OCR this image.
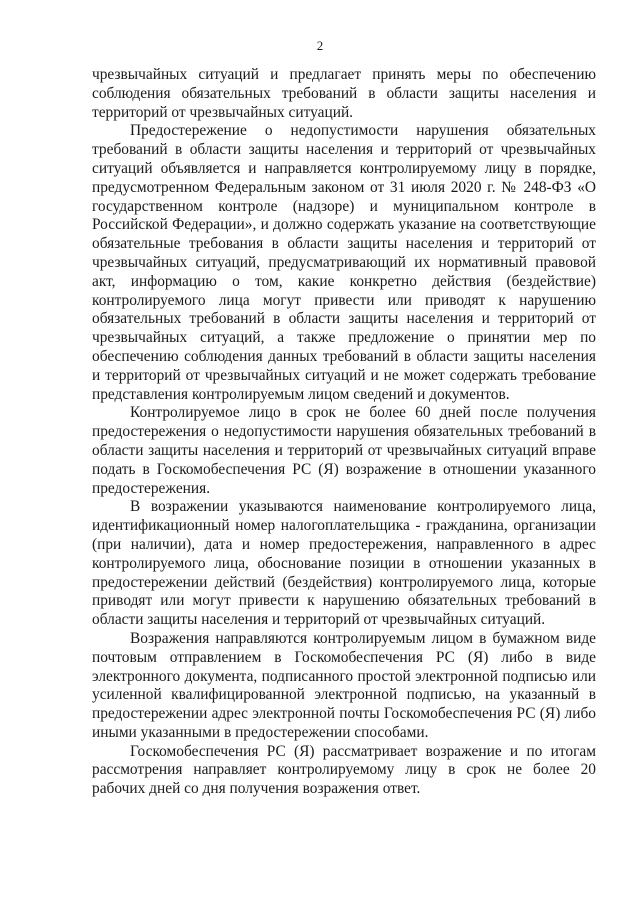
2

чрезвычайных ситуаций и предлагает принять меры по обеспечению соблюдения обязательных требований в области защиты населения и территорий от чрезвычайных ситуаций.

Предостережение о недопустимости нарушения обязательных требований в области защиты населения и территорий от чрезвычайных ситуаций объявляется и направляется контролируемому лицу в порядке, предусмотренном Федеральным законом от 31 июля 2020 г. № 248-ФЗ «О государственном контроле (надзоре) и муниципальном контроле в Российской Федерации», и должно содержать указание на соответствующие обязательные требования в области защиты населения и территорий от чрезвычайных ситуаций, предусматривающий их нормативный правовой акт, информацию о том, какие конкретно действия (бездействие) контролируемого лица могут привести или приводят к нарушению обязательных требований в области защиты населения и территорий от чрезвычайных ситуаций, а также предложение о принятии мер по обеспечению соблюдения данных требований в области защиты населения и территорий от чрезвычайных ситуаций и не может содержать требование представления контролируемым лицом сведений и документов.

Контролируемое лицо в срок не более 60 дней после получения предостережения о недопустимости нарушения обязательных требований в области защиты населения и территорий от чрезвычайных ситуаций вправе подать в Госкомобеспечения РС (Я) возражение в отношении указанного предостережения.

В возражении указываются наименование контролируемого лица, идентификационный номер налогоплательщика - гражданина, организации (при наличии), дата и номер предостережения, направленного в адрес контролируемого лица, обоснование позиции в отношении указанных в предостережении действий (бездействия) контролируемого лица, которые приводят или могут привести к нарушению обязательных требований в области защиты населения и территорий от чрезвычайных ситуаций.

Возражения направляются контролируемым лицом в бумажном виде почтовым отправлением в Госкомобеспечения РС (Я) либо в виде электронного документа, подписанного простой электронной подписью или усиленной квалифицированной электронной подписью, на указанный в предостережении адрес электронной почты Госкомобеспечения РС (Я) либо иными указанными в предостережении способами.

Госкомобеспечения РС (Я) рассматривает возражение и по итогам рассмотрения направляет контролируемому лицу в срок не более 20 рабочих дней со дня получения возражения ответ.
